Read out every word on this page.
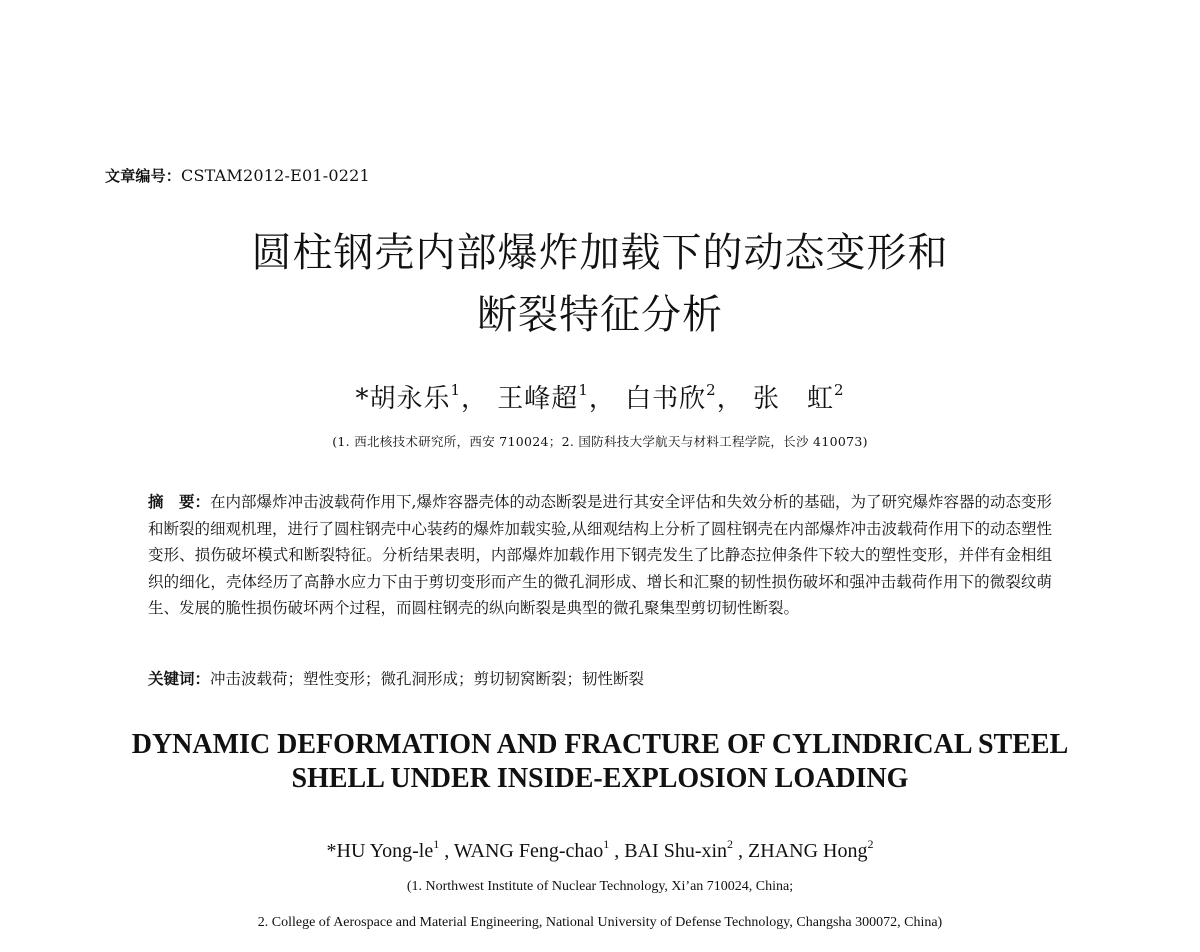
文章编号：CSTAM2012-E01-0221
圆柱钢壳内部爆炸加载下的动态变形和
断裂特征分析
*胡永乐$^1$， 王峰超$^1$， 白书欣$^2$， 张　虹$^2$
(1. 西北核技术研究所，西安 710024；2. 国防科技大学航天与材料工程学院，长沙 410073)
摘　要：在内部爆炸冲击波载荷作用下,爆炸容器壳体的动态断裂是进行其安全评估和失效分析的基础，为了研究爆炸容器的动态变形和断裂的细观机理，进行了圆柱钢壳中心装药的爆炸加载实验,从细观结构上分析了圆柱钢壳在内部爆炸冲击波载荷作用下的动态塑性变形、损伤破坏模式和断裂特征。分析结果表明，内部爆炸加载作用下钢壳发生了比静态拉伸条件下较大的塑性变形，并伴有金相组织的细化，壳体经历了高静水应力下由于剪切变形而产生的微孔洞形成、增长和汇聚的韧性损伤破坏和强冲击载荷作用下的微裂纹萌生、发展的脆性损伤破坏两个过程，而圆柱钢壳的纵向断裂是典型的微孔聚集型剪切韧性断裂。
关键词：冲击波载荷；塑性变形；微孔洞形成；剪切韧窝断裂；韧性断裂
DYNAMIC DEFORMATION AND FRACTURE OF CYLINDRICAL STEEL
SHELL UNDER INSIDE-EXPLOSION LOADING
*HU Yong-$le^1$ , WANG Feng-chao$^1$ , BAI Shu-xin$^2$ , ZHANG Hong$^2$
(1. Northwest Institute of Nuclear Technology, Xi’an 710024, China;
2. College of Aerospace and Material Engineering, National University of Defense Technology, Changsha 300072, China)
